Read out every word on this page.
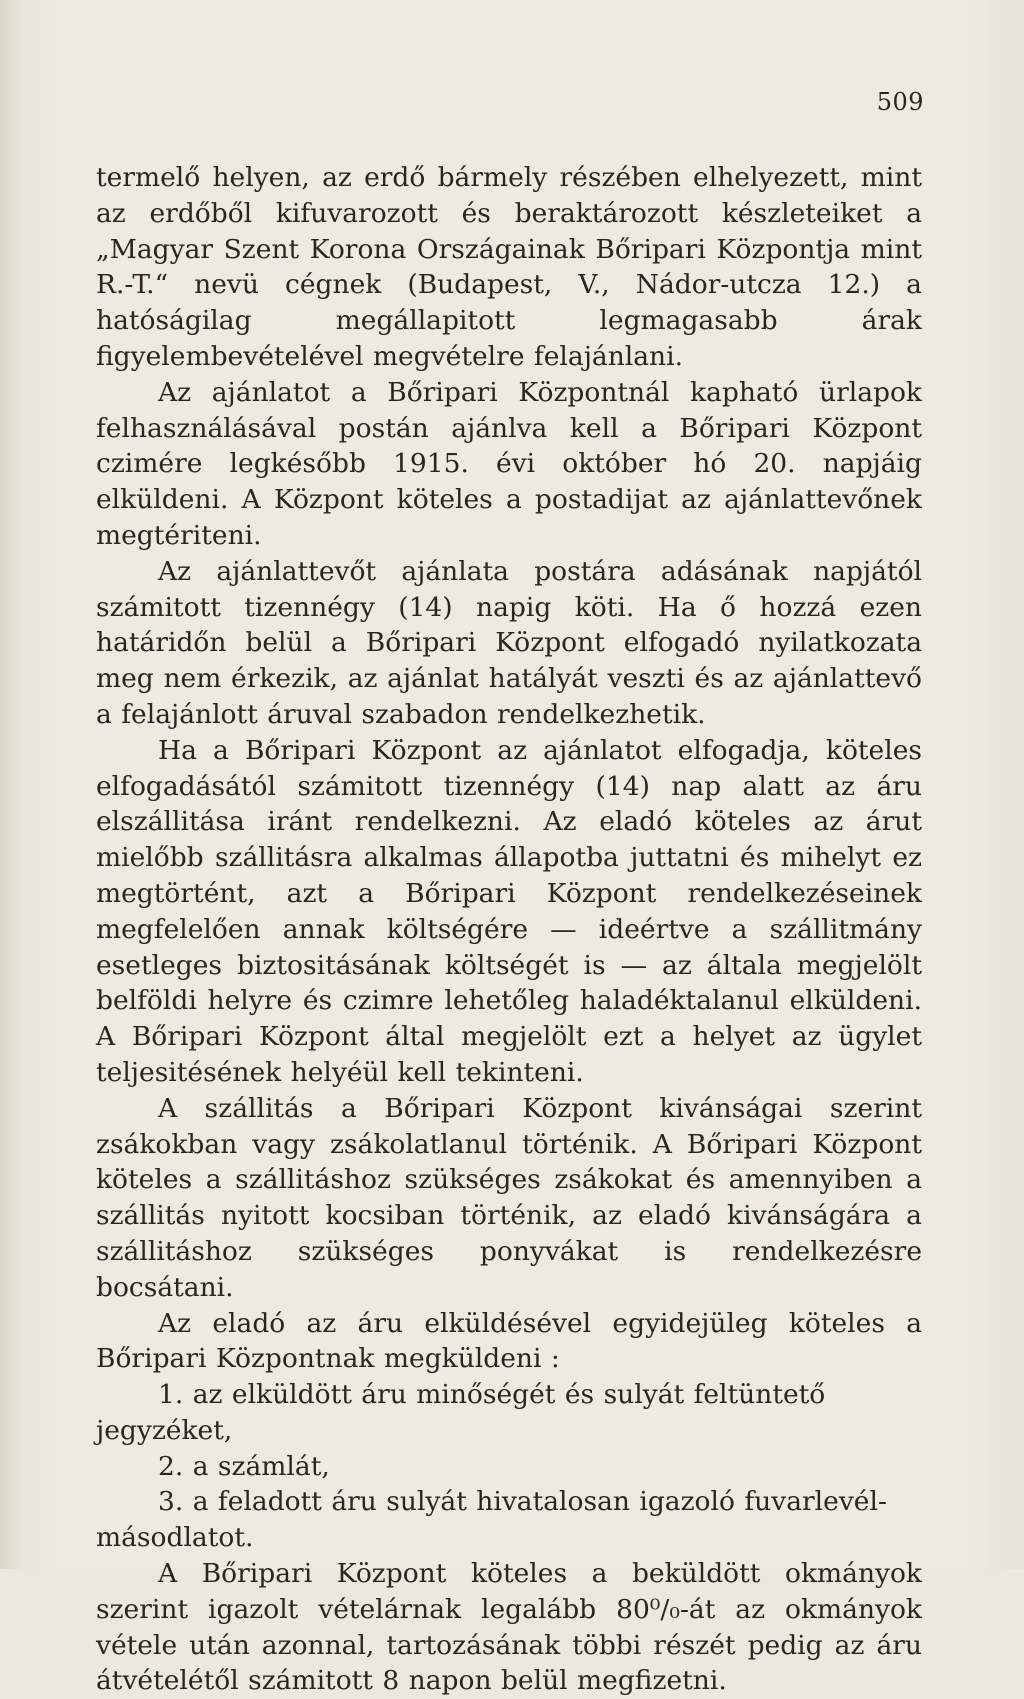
509

termelő helyen, az erdő bármely részében elhelyezett, mint az erdőből kifuvarozott és beraktározott készleteiket a „Magyar Szent Korona Országainak Bőripari Központja mint R.-T.“ nevü cégnek (Budapest, V., Nádor-utcza 12.) a hatóságilag megállapitott legmagasabb árak figyelembevételével megvételre felajánlani.

Az ajánlatot a Bőripari Központnál kapható ürlapok felhasználásával postán ajánlva kell a Bőripari Központ czimére legkésőbb 1915. évi október hó 20. napjáig elküldeni. A Központ köteles a postadijat az ajánlattevőnek megtériteni.

Az ajánlattevőt ajánlata postára adásának napjától számitott tizennégy (14) napig köti. Ha ő hozzá ezen határidőn belül a Bőripari Központ elfogadó nyilatkozata meg nem érkezik, az ajánlat hatályát veszti és az ajánlattevő a felajánlott áruval szabadon rendelkezhetik.

Ha a Bőripari Központ az ajánlatot elfogadja, köteles elfogadásától számitott tizennégy (14) nap alatt az áru elszállitása iránt rendelkezni. Az eladó köteles az árut mielőbb szállitásra alkalmas állapotba juttatni és mihelyt ez megtörtént, azt a Bőripari Központ rendelkezéseinek megfelelően annak költségére — ideértve a szállitmány esetleges biztositásának költségét is — az általa megjelölt belföldi helyre és czimre lehetőleg haladéktalanul elküldeni. A Bőripari Központ által megjelölt ezt a helyet az ügylet teljesitésének helyéül kell tekinteni.

A szállitás a Bőripari Központ kivánságai szerint zsákokban vagy zsákolatlanul történik. A Bőripari Központ köteles a szállitáshoz szükséges zsákokat és amennyiben a szállitás nyitott kocsiban történik, az eladó kivánságára a szállitáshoz szükséges ponyvákat is rendelkezésre bocsátani.

Az eladó az áru elküldésével egyidejüleg köteles a Bőripari Központnak megküldeni :

1. az elküldött áru minőségét és sulyát feltüntető jegyzéket,
2. a számlát,
3. a feladott áru sulyát hivatalosan igazoló fuvarlevél-másodlatot.

A Bőripari Központ köteles a beküldött okmányok szerint igazolt vételárnak legalább 80⁰/₀-át az okmányok vétele után azonnal, tartozásának többi részét pedig az áru átvételétől számitott 8 napon belül megfizetni.
